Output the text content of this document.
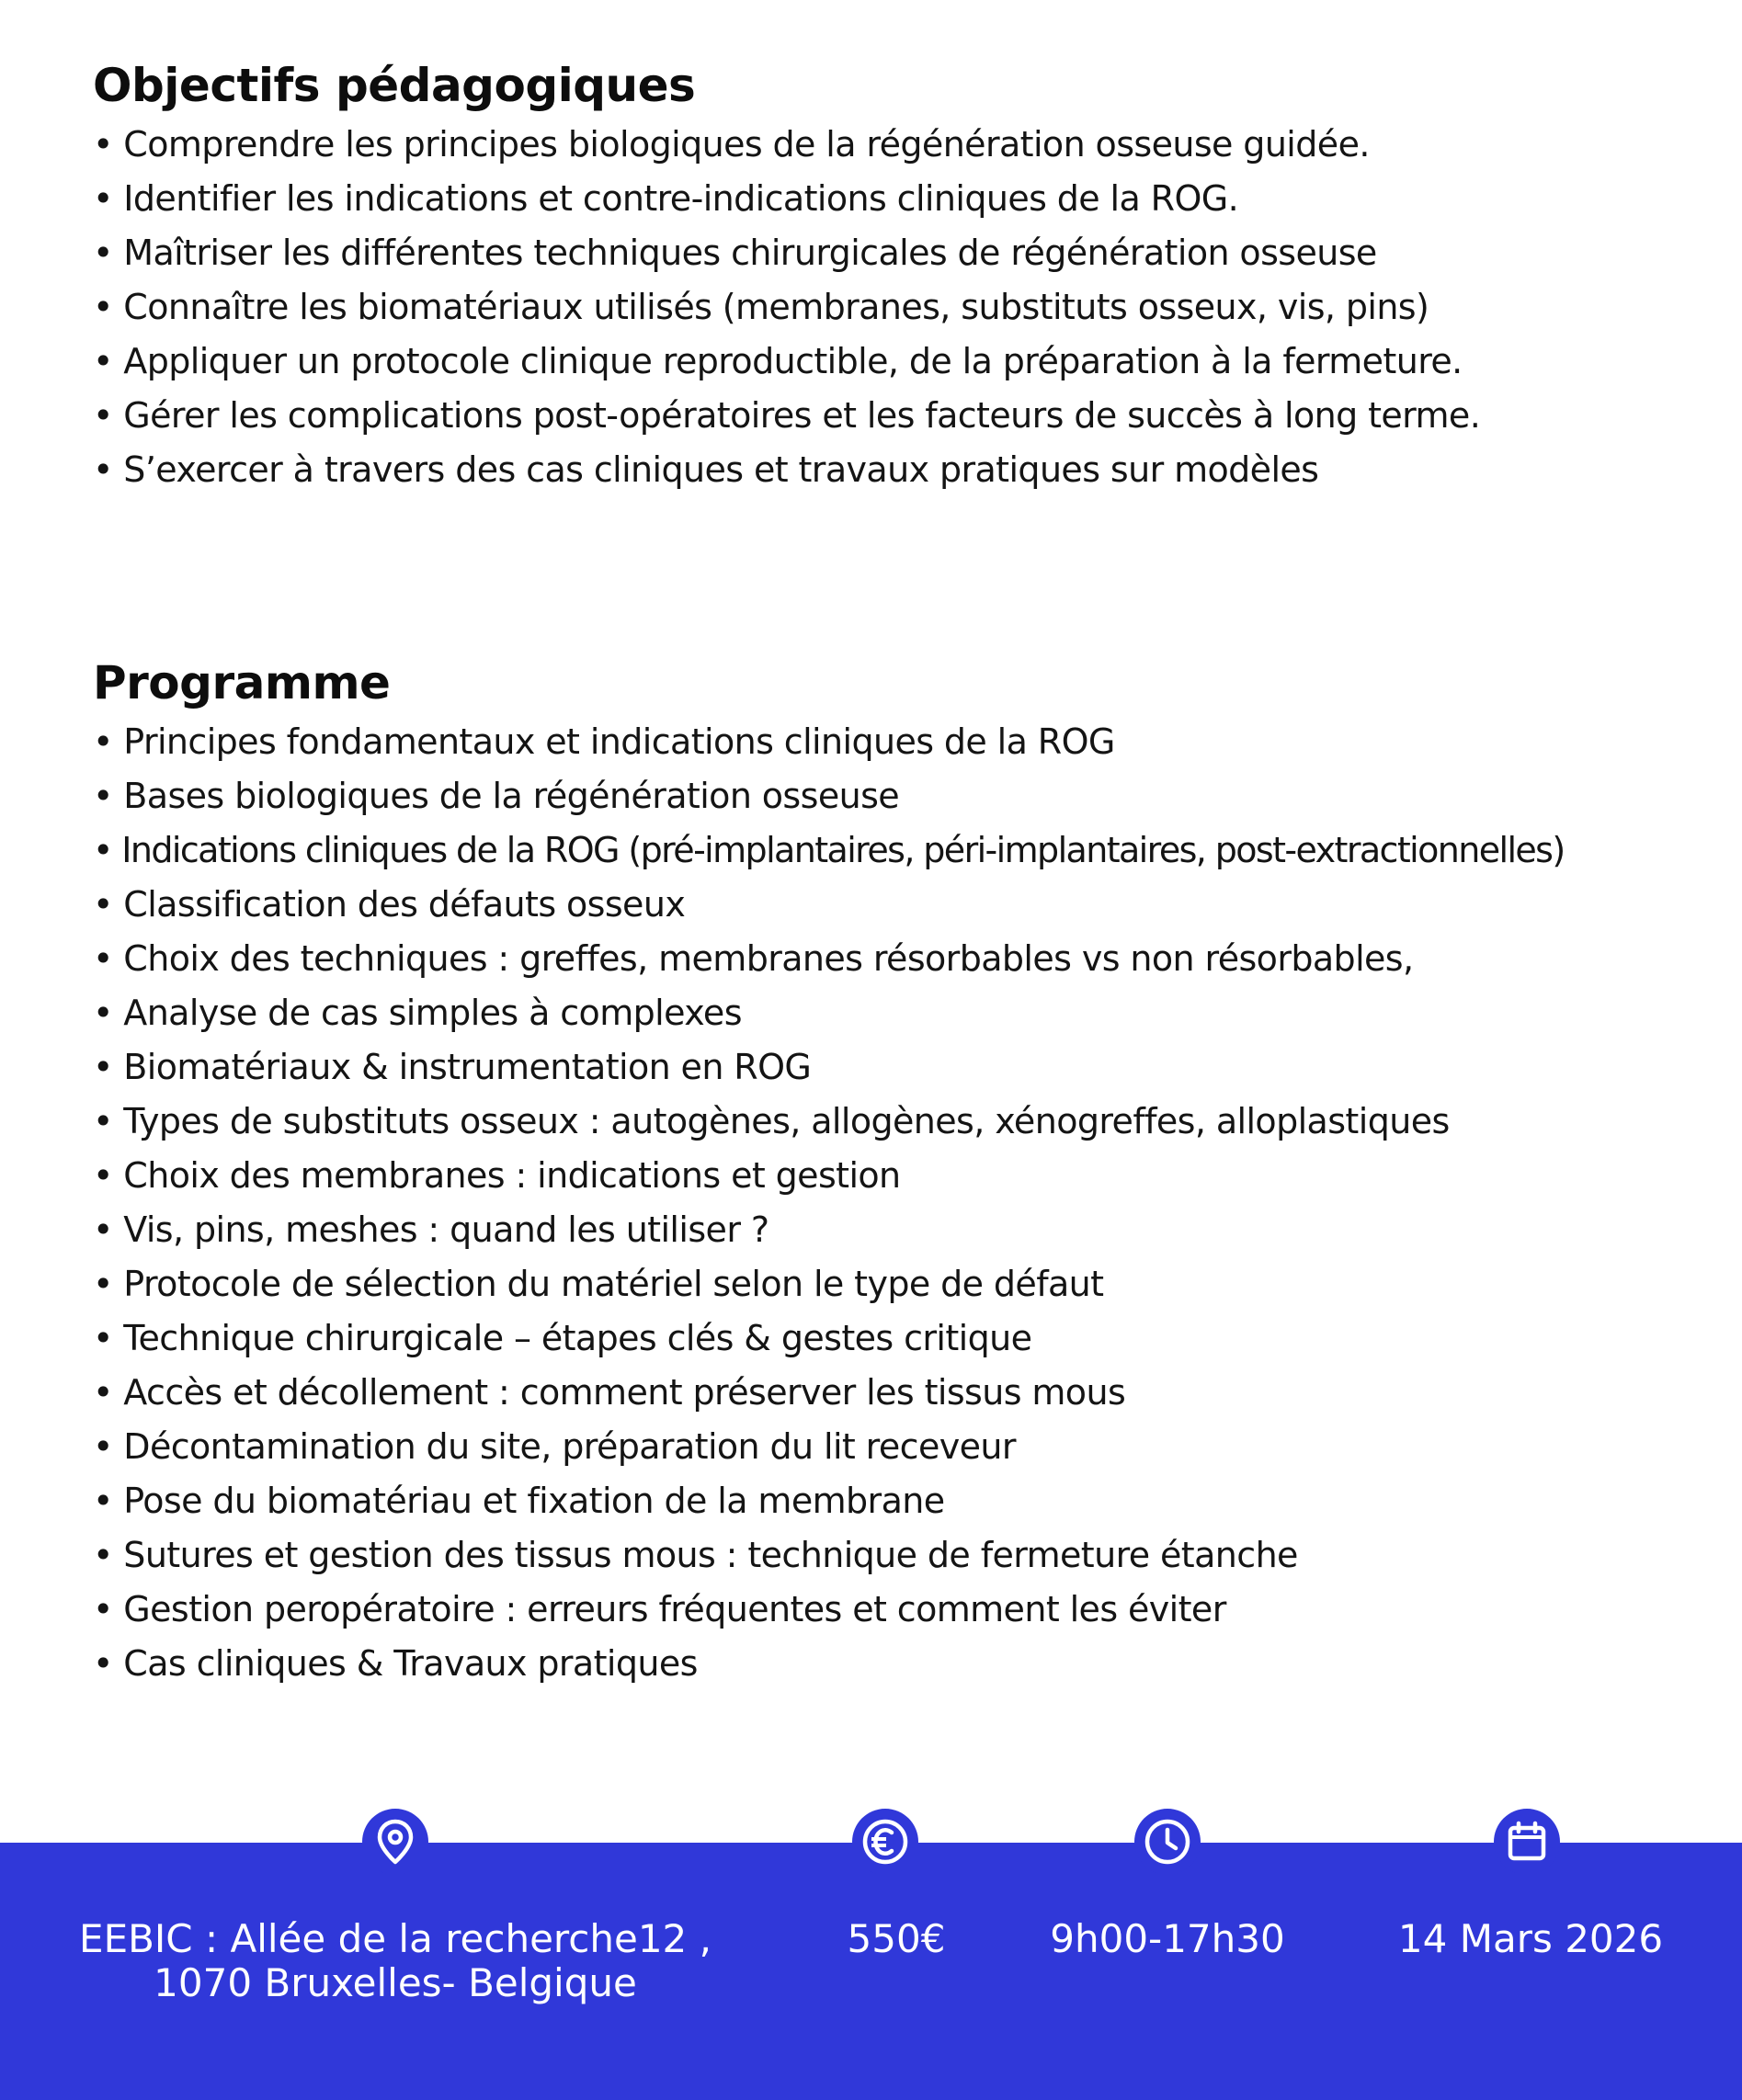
Objectifs pédagogiques
• Comprendre les principes biologiques de la régénération osseuse guidée.
• Identifier les indications et contre-indications cliniques de la ROG.
• Maîtriser les différentes techniques chirurgicales de régénération osseuse
• Connaître les biomatériaux utilisés (membranes, substituts osseux, vis, pins)
• Appliquer un protocole clinique reproductible, de la préparation à la fermeture.
• Gérer les complications post-opératoires et les facteurs de succès à long terme.
• S’exercer à travers des cas cliniques et travaux pratiques sur modèles
Programme
• Principes fondamentaux et indications cliniques de la ROG
• Bases biologiques de la régénération osseuse
• Indications cliniques de la ROG (pré-implantaires, péri-implantaires, post-extractionnelles)
• Classification des défauts osseux
• Choix des techniques : greffes, membranes résorbables vs non résorbables,
• Analyse de cas simples à complexes
• Biomatériaux & instrumentation en ROG
• Types de substituts osseux : autogènes, allogènes, xénogreffes, alloplastiques
• Choix des membranes : indications et gestion
• Vis, pins, meshes : quand les utiliser ?
• Protocole de sélection du matériel selon le type de défaut
• Technique chirurgicale – étapes clés & gestes critique
• Accès et décollement : comment préserver les tissus mous
• Décontamination du site, préparation du lit receveur
• Pose du biomatériau et fixation de la membrane
• Sutures et gestion des tissus mous : technique de fermeture étanche
• Gestion peropératoire : erreurs fréquentes et comment les éviter
• Cas cliniques & Travaux pratiques
EEBIC : Allée de la recherche12 ,
1070 Bruxelles- Belgique
550€	9h00-17h30	14 Mars 2026
